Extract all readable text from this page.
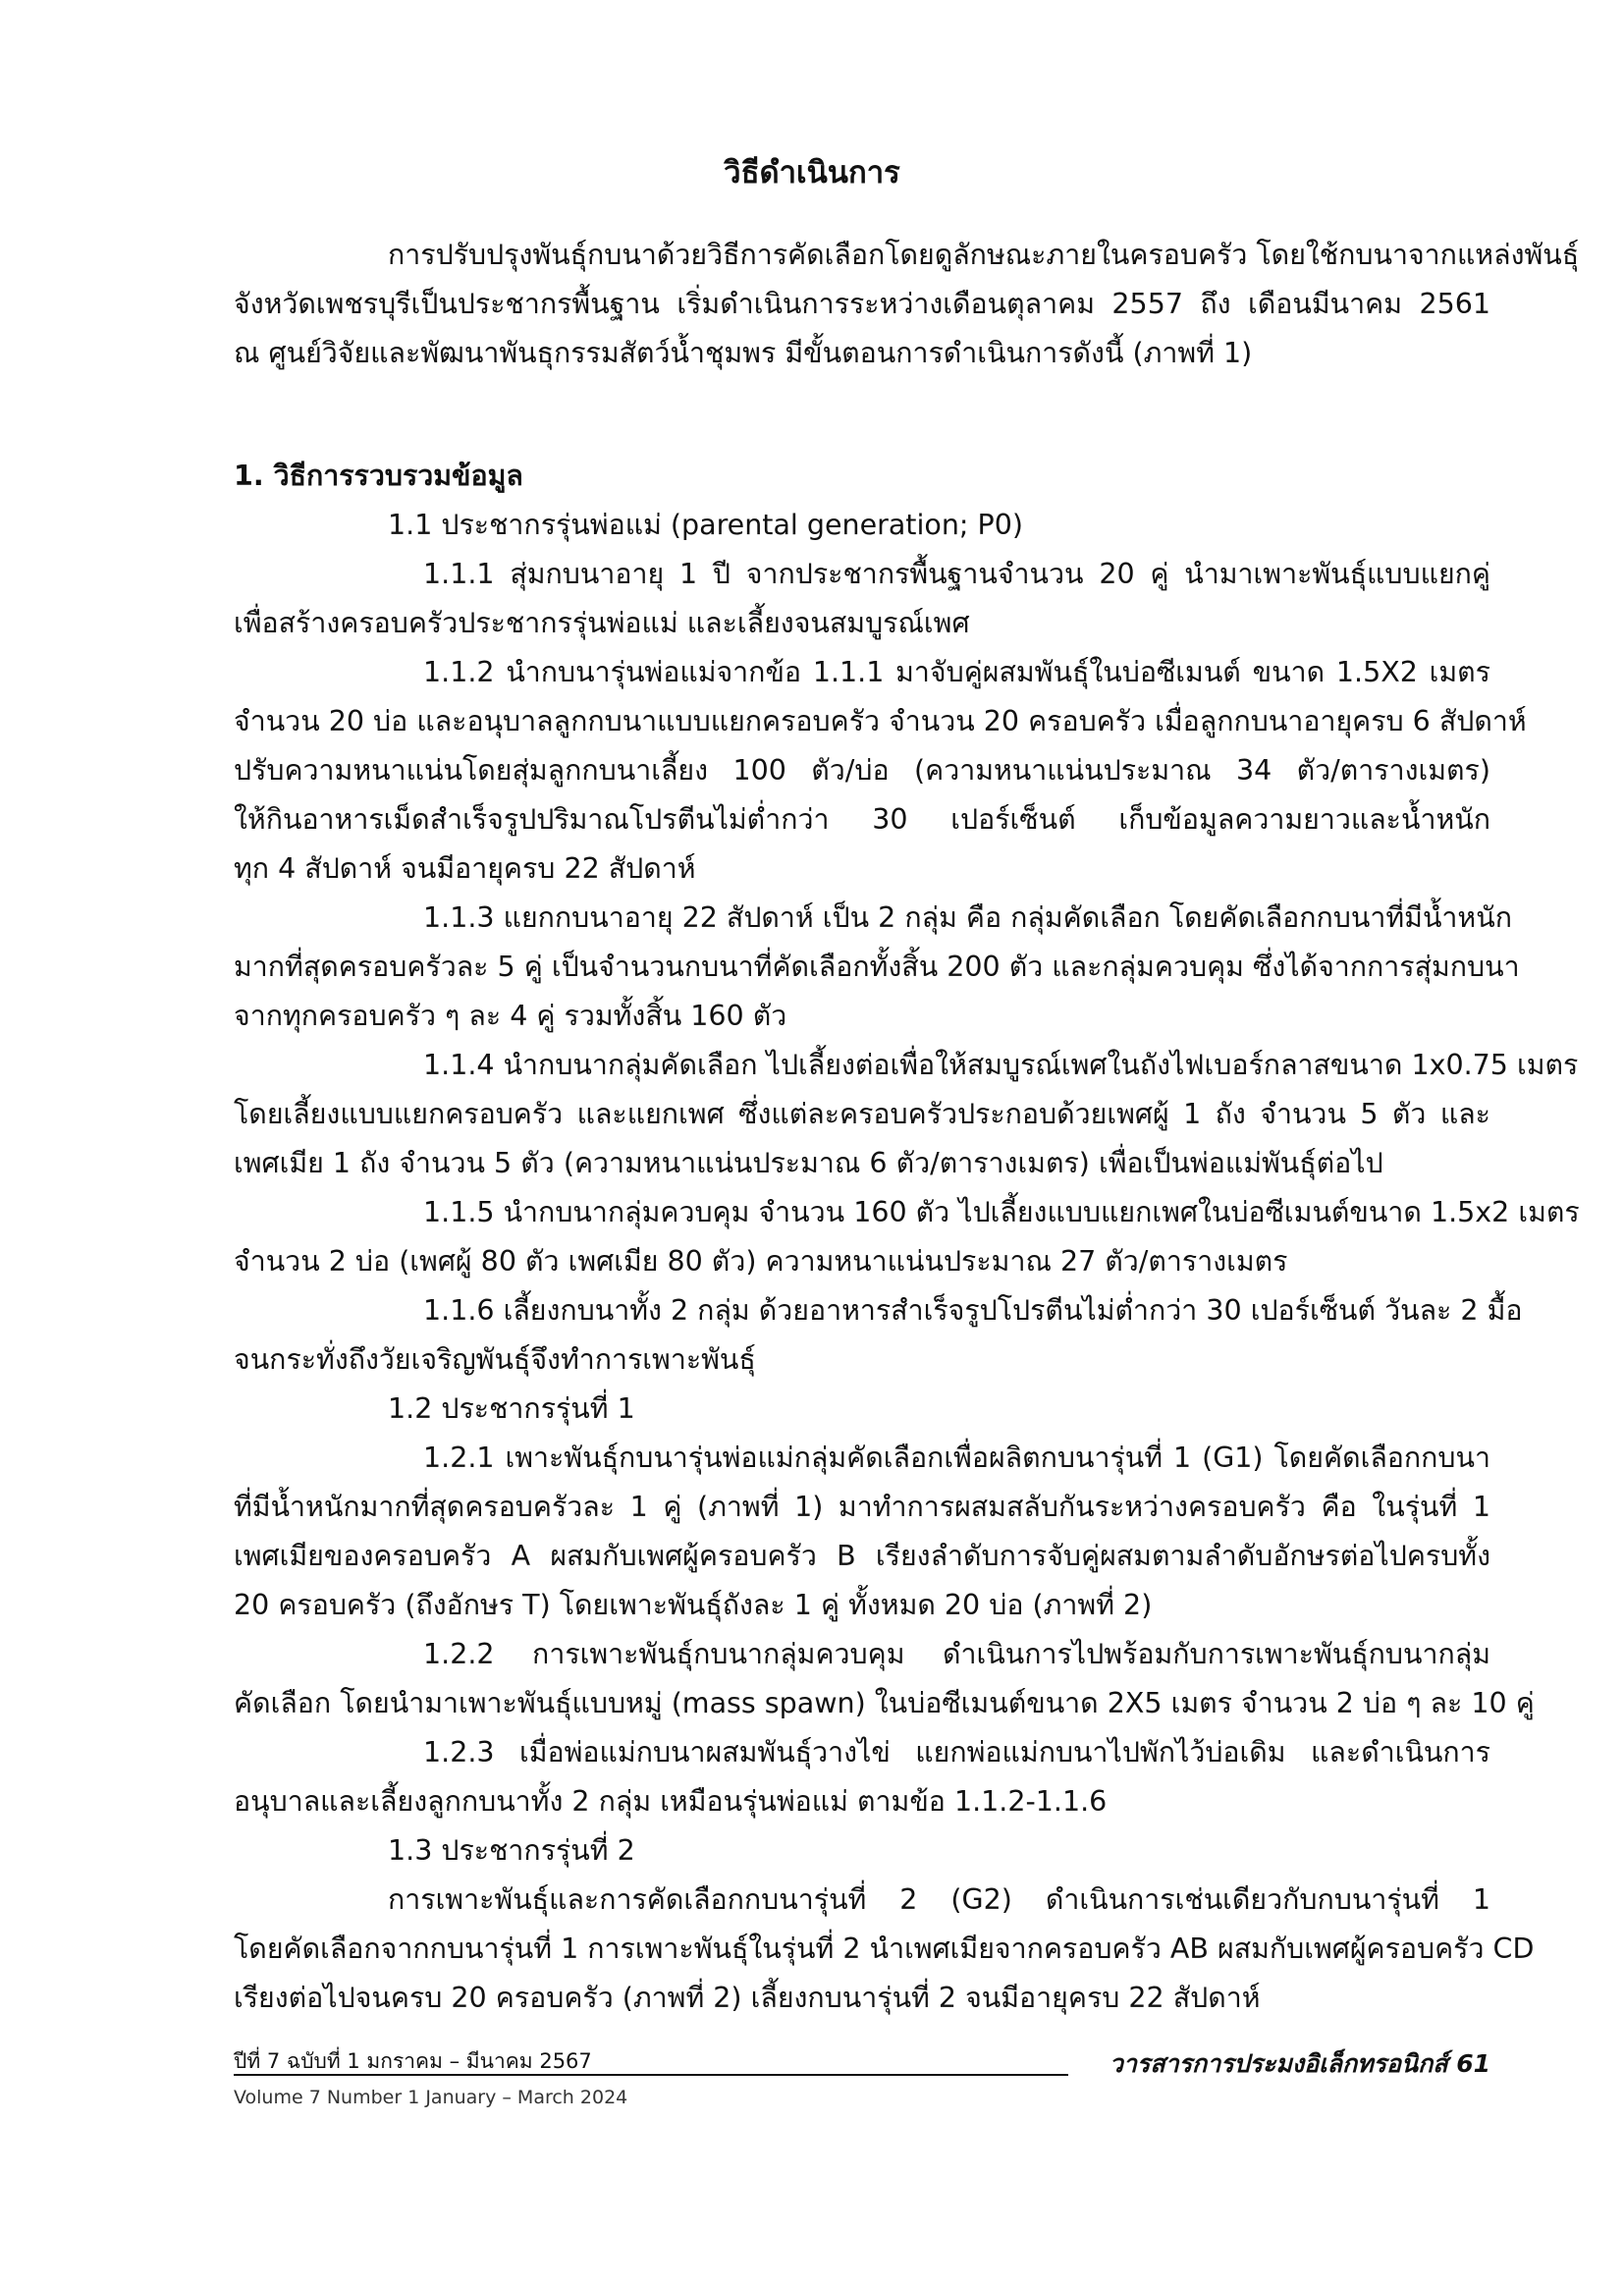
วิธีดำเนินการ
การปรับปรุงพันธุ์กบนาด้วยวิธีการคัดเลือกโดยดูลักษณะภายในครอบครัว โดยใช้กบนาจากแหล่งพันธุ์
จังหวัดเพชรบุรีเป็นประชากรพื้นฐาน เริ่มดำเนินการระหว่างเดือนตุลาคม 2557 ถึง เดือนมีนาคม 2561
ณ ศูนย์วิจัยและพัฒนาพันธุกรรมสัตว์น้ำชุมพร มีขั้นตอนการดำเนินการดังนี้ (ภาพที่ 1)
1. วิธีการรวบรวมข้อมูล
1.1 ประชากรรุ่นพ่อแม่ (parental generation; P0)
1.1.1 สุ่มกบนาอายุ 1 ปี จากประชากรพื้นฐานจำนวน 20 คู่ นำมาเพาะพันธุ์แบบแยกคู่
เพื่อสร้างครอบครัวประชากรรุ่นพ่อแม่ และเลี้ยงจนสมบูรณ์เพศ
1.1.2 นำกบนารุ่นพ่อแม่จากข้อ 1.1.1 มาจับคู่ผสมพันธุ์ในบ่อซีเมนต์ ขนาด 1.5X2 เมตร
จำนวน 20 บ่อ และอนุบาลลูกกบนาแบบแยกครอบครัว จำนวน 20 ครอบครัว เมื่อลูกกบนาอายุครบ 6 สัปดาห์
ปรับความหนาแน่นโดยสุ่มลูกกบนาเลี้ยง 100 ตัว/บ่อ (ความหนาแน่นประมาณ 34 ตัว/ตารางเมตร)
ให้กินอาหารเม็ดสำเร็จรูปปริมาณโปรตีนไม่ต่ำกว่า 30 เปอร์เซ็นต์ เก็บข้อมูลความยาวและน้ำหนัก
ทุก 4 สัปดาห์ จนมีอายุครบ 22 สัปดาห์
1.1.3 แยกกบนาอายุ 22 สัปดาห์ เป็น 2 กลุ่ม คือ กลุ่มคัดเลือก โดยคัดเลือกกบนาที่มีน้ำหนัก
มากที่สุดครอบครัวละ 5 คู่ เป็นจำนวนกบนาที่คัดเลือกทั้งสิ้น 200 ตัว และกลุ่มควบคุม ซึ่งได้จากการสุ่มกบนา
จากทุกครอบครัว ๆ ละ 4 คู่ รวมทั้งสิ้น 160 ตัว
1.1.4 นำกบนากลุ่มคัดเลือก ไปเลี้ยงต่อเพื่อให้สมบูรณ์เพศในถังไฟเบอร์กลาสขนาด 1x0.75 เมตร
โดยเลี้ยงแบบแยกครอบครัว และแยกเพศ ซึ่งแต่ละครอบครัวประกอบด้วยเพศผู้ 1 ถัง จำนวน 5 ตัว และ
เพศเมีย 1 ถัง จำนวน 5 ตัว (ความหนาแน่นประมาณ 6 ตัว/ตารางเมตร) เพื่อเป็นพ่อแม่พันธุ์ต่อไป
1.1.5 นำกบนากลุ่มควบคุม จำนวน 160 ตัว ไปเลี้ยงแบบแยกเพศในบ่อซีเมนต์ขนาด 1.5x2 เมตร
จำนวน 2 บ่อ (เพศผู้ 80 ตัว เพศเมีย 80 ตัว) ความหนาแน่นประมาณ 27 ตัว/ตารางเมตร
1.1.6 เลี้ยงกบนาทั้ง 2 กลุ่ม ด้วยอาหารสำเร็จรูปโปรตีนไม่ต่ำกว่า 30 เปอร์เซ็นต์ วันละ 2 มื้อ
จนกระทั่งถึงวัยเจริญพันธุ์จึงทำการเพาะพันธุ์
1.2 ประชากรรุ่นที่ 1
1.2.1 เพาะพันธุ์กบนารุ่นพ่อแม่กลุ่มคัดเลือกเพื่อผลิตกบนารุ่นที่ 1 (G1) โดยคัดเลือกกบนา
ที่มีน้ำหนักมากที่สุดครอบครัวละ 1 คู่ (ภาพที่ 1) มาทำการผสมสลับกันระหว่างครอบครัว คือ ในรุ่นที่ 1
เพศเมียของครอบครัว A ผสมกับเพศผู้ครอบครัว B เรียงลำดับการจับคู่ผสมตามลำดับอักษรต่อไปครบทั้ง
20 ครอบครัว (ถึงอักษร T) โดยเพาะพันธุ์ถังละ 1 คู่ ทั้งหมด 20 บ่อ (ภาพที่ 2)
1.2.2 การเพาะพันธุ์กบนากลุ่มควบคุม ดำเนินการไปพร้อมกับการเพาะพันธุ์กบนากลุ่ม
คัดเลือก โดยนำมาเพาะพันธุ์แบบหมู่ (mass spawn) ในบ่อซีเมนต์ขนาด 2X5 เมตร จำนวน 2 บ่อ ๆ ละ 10 คู่
1.2.3 เมื่อพ่อแม่กบนาผสมพันธุ์วางไข่ แยกพ่อแม่กบนาไปพักไว้บ่อเดิม และดำเนินการ
อนุบาลและเลี้ยงลูกกบนาทั้ง 2 กลุ่ม เหมือนรุ่นพ่อแม่ ตามข้อ 1.1.2-1.1.6
1.3 ประชากรรุ่นที่ 2
การเพาะพันธุ์และการคัดเลือกกบนารุ่นที่ 2 (G2) ดำเนินการเช่นเดียวกับกบนารุ่นที่ 1
โดยคัดเลือกจากกบนารุ่นที่ 1 การเพาะพันธุ์ในรุ่นที่ 2 นำเพศเมียจากครอบครัว AB ผสมกับเพศผู้ครอบครัว CD
เรียงต่อไปจนครบ 20 ครอบครัว (ภาพที่ 2) เลี้ยงกบนารุ่นที่ 2 จนมีอายุครบ 22 สัปดาห์
ปีที่ 7 ฉบับที่ 1 มกราคม – มีนาคม 2567	วารสารการประมงอิเล็กทรอนิกส์ 61
Volume 7 Number 1 January – March 2024
